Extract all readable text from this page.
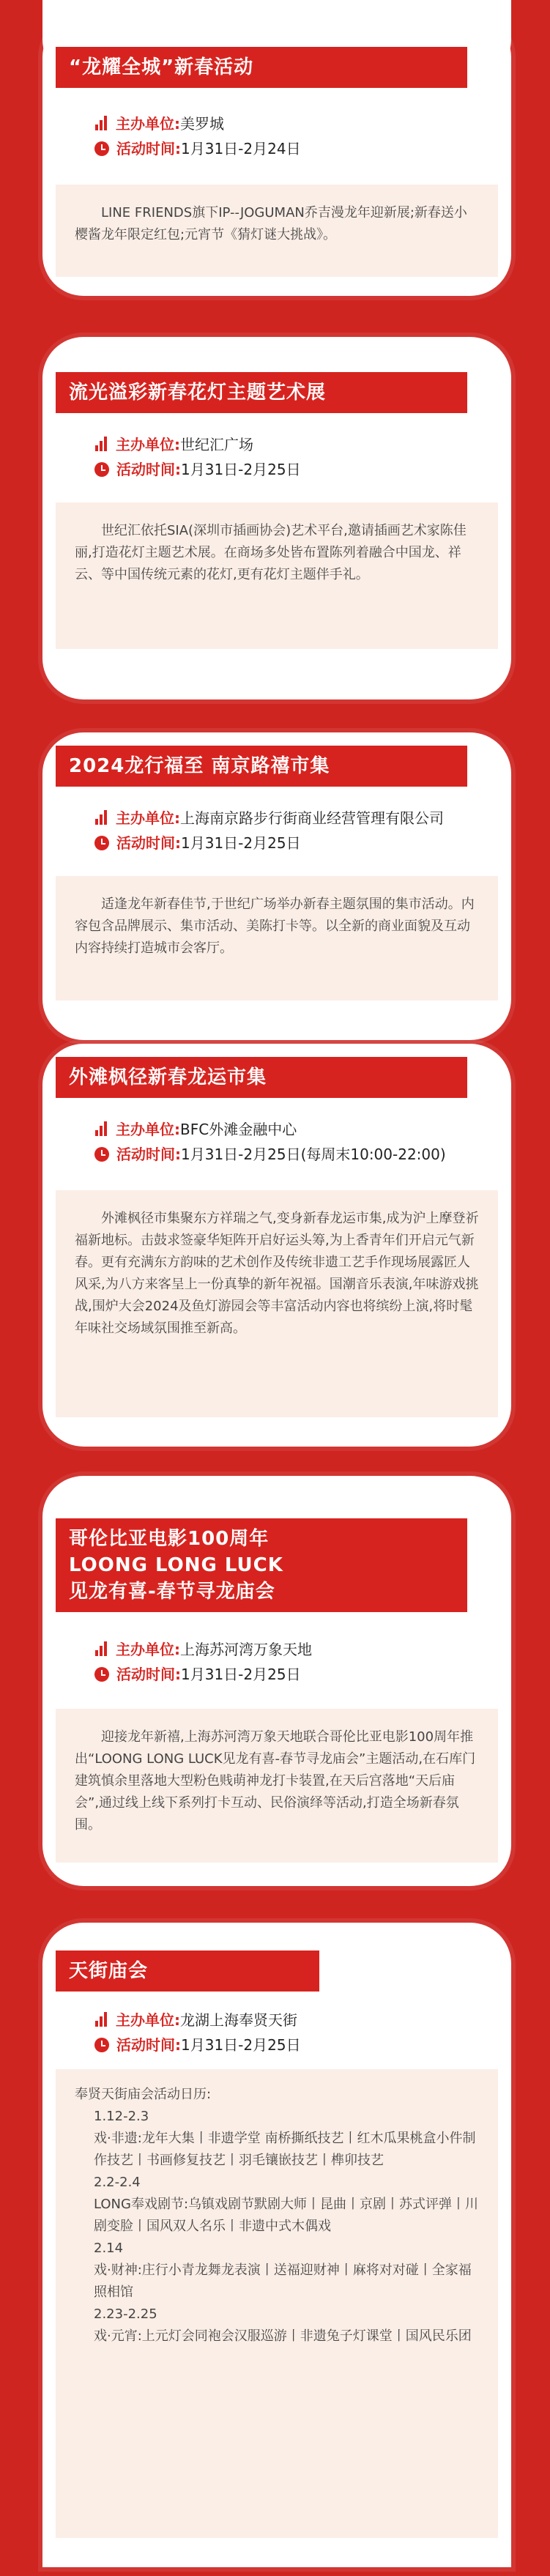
“龙耀全城”新春活动
主办单位: 美罗城
活动时间: 1月31日-2月24日

LINE FRIENDS旗下IP--JOGUMAN乔吉漫龙年迎新展;新春送小樱酱龙年限定红包;元宵节《猜灯谜大挑战》。

流光溢彩新春花灯主题艺术展
主办单位: 世纪汇广场
活动时间: 1月31日-2月25日

世纪汇依托SIA(深圳市插画协会)艺术平台,邀请插画艺术家陈佳丽,打造花灯主题艺术展。在商场多处皆布置陈列着融合中国龙、祥云、等中国传统元素的花灯,更有花灯主题伴手礼。

2024龙行福至 南京路禧市集
主办单位: 上海南京路步行街商业经营管理有限公司
活动时间: 1月31日-2月25日

适逢龙年新春佳节,于世纪广场举办新春主题氛围的集市活动。内容包含品牌展示、集市活动、美陈打卡等。以全新的商业面貌及互动内容持续打造城市会客厅。

外滩枫径新春龙运市集
主办单位: BFC外滩金融中心
活动时间: 1月31日-2月25日(每周末10:00-22:00)

外滩枫径市集聚东方祥瑞之气,变身新春龙运市集,成为沪上摩登祈福新地标。击鼓求签豪华矩阵开启好运头筹,为上香青年们开启元气新春。更有充满东方韵味的艺术创作及传统非遗工艺手作现场展露匠人风采,为八方来客呈上一份真挚的新年祝福。国潮音乐表演,年味游戏挑战,围炉大会2024及鱼灯游园会等丰富活动内容也将缤纷上演,将时髦年味社交场域氛围推至新高。

哥伦比亚电影100周年
LOONG LONG LUCK
见龙有喜-春节寻龙庙会
主办单位: 上海苏河湾万象天地
活动时间: 1月31日-2月25日

迎接龙年新禧,上海苏河湾万象天地联合哥伦比亚电影100周年推出“LOONG LONG LUCK见龙有喜-春节寻龙庙会”主题活动,在石库门建筑慎余里落地大型粉色贱萌神龙打卡装置,在天后宫落地“天后庙会”,通过线上线下系列打卡互动、民俗演绎等活动,打造全场新春氛围。

天街庙会
主办单位: 龙湖上海奉贤天街
活动时间: 1月31日-2月25日
奉贤天街庙会活动日历:
1.12-2.3
戏·非遗:龙年大集丨非遗学堂 南桥撕纸技艺丨红木瓜果桃盒小件制作技艺丨书画修复技艺丨羽毛镶嵌技艺丨榫卯技艺
2.2-2.4
LONG奉戏剧节:乌镇戏剧节默剧大师丨昆曲丨京剧丨苏式评弹丨川剧变脸丨国风双人名乐丨非遗中式木偶戏
2.14
戏·财神:庄行小青龙舞龙表演丨送福迎财神丨麻将对对碰丨全家福照相馆
2.23-2.25
戏·元宵:上元灯会同袍会汉服巡游丨非遗兔子灯课堂丨国风民乐团
